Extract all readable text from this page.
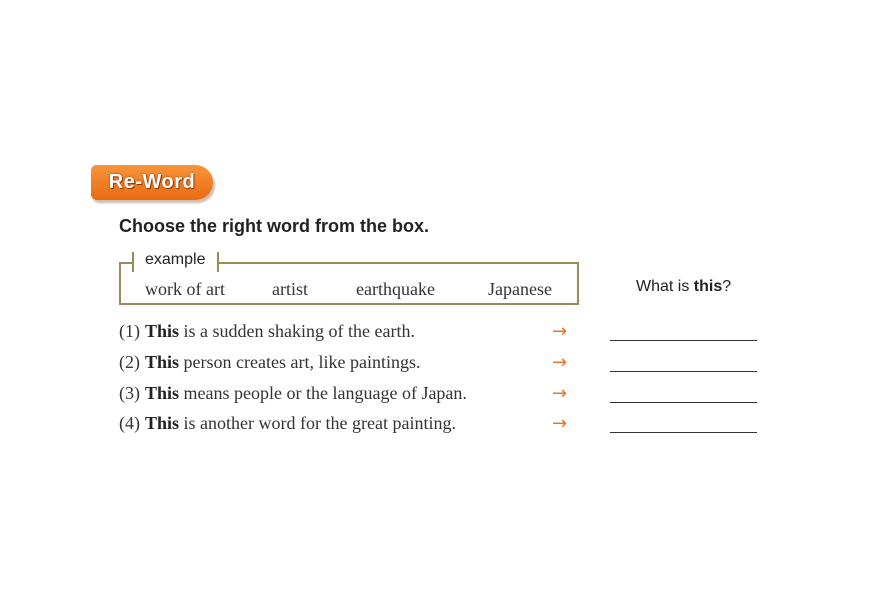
Re-Word
Choose the right word from the box.
example
work of art	artist	earthquake	Japanese	What is this?
(1) This is a sudden shaking of the earth.	→
(2) This person creates art, like paintings.	→
(3) This means people or the language of Japan.	→
(4) This is another word for the great painting.	→
